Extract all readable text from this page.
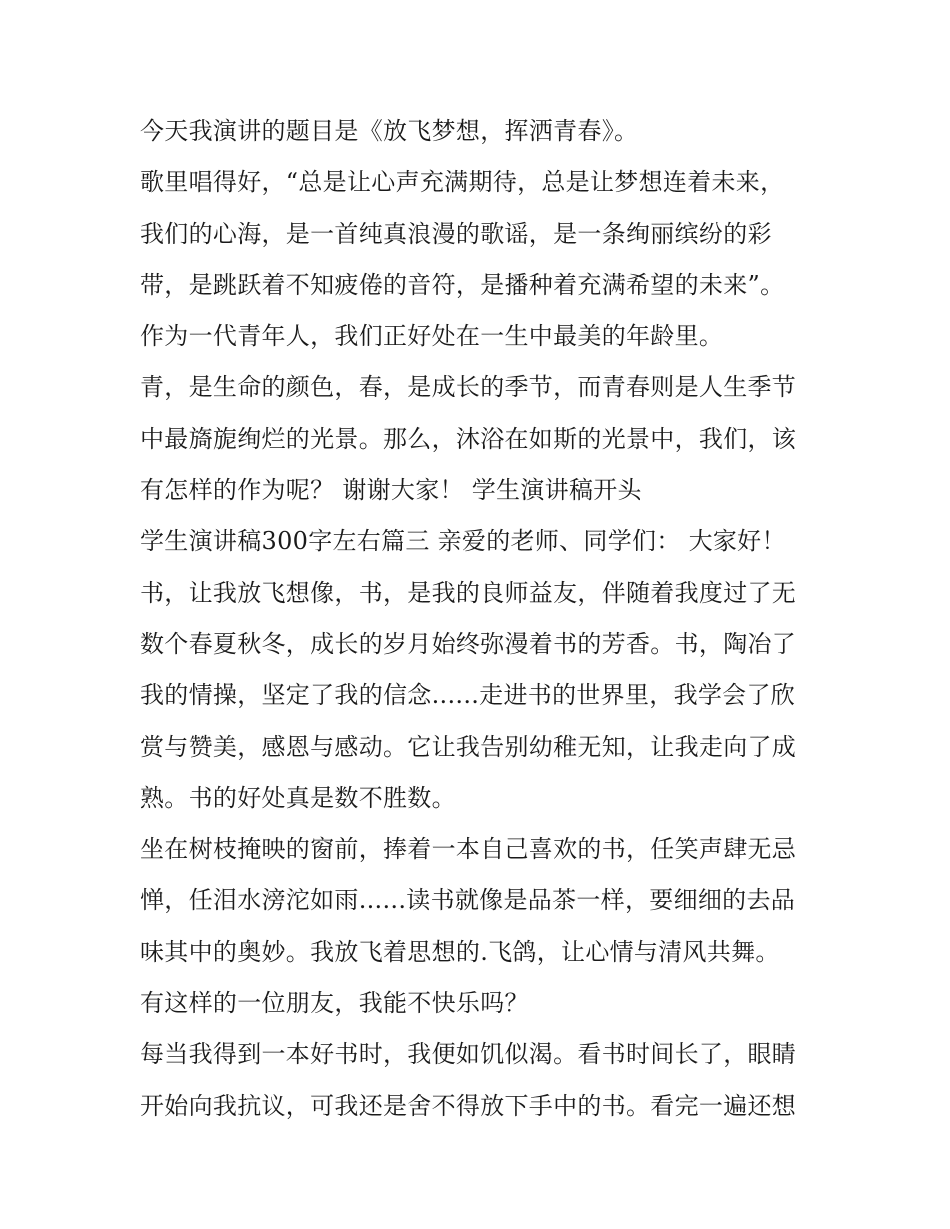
今天我演讲的题目是《放飞梦想，挥洒青春》。
歌里唱得好，“总是让心声充满期待，总是让梦想连着未来，
我们的心海，是一首纯真浪漫的歌谣，是一条绚丽缤纷的彩
带，是跳跃着不知疲倦的音符，是播种着充满希望的未来”。
作为一代青年人，我们正好处在一生中最美的年龄里。
青，是生命的颜色，春，是成长的季节，而青春则是人生季节
中最旖旎绚烂的光景。那么，沐浴在如斯的光景中，我们，该
有怎样的作为呢？ 谢谢大家！ 学生演讲稿开头
学生演讲稿300字左右篇三 亲爱的老师、同学们： 大家好！
书，让我放飞想像，书，是我的良师益友，伴随着我度过了无
数个春夏秋冬，成长的岁月始终弥漫着书的芳香。书，陶冶了
我的情操，坚定了我的信念......走进书的世界里，我学会了欣
赏与赞美，感恩与感动。它让我告别幼稚无知，让我走向了成
熟。书的好处真是数不胜数。
坐在树枝掩映的窗前，捧着一本自己喜欢的书，任笑声肆无忌
惮，任泪水滂沱如雨......读书就像是品茶一样，要细细的去品
味其中的奥妙。我放飞着思想的.飞鸽，让心情与清风共舞。
有这样的一位朋友，我能不快乐吗？
每当我得到一本好书时，我便如饥似渴。看书时间长了，眼睛
开始向我抗议，可我还是舍不得放下手中的书。看完一遍还想
